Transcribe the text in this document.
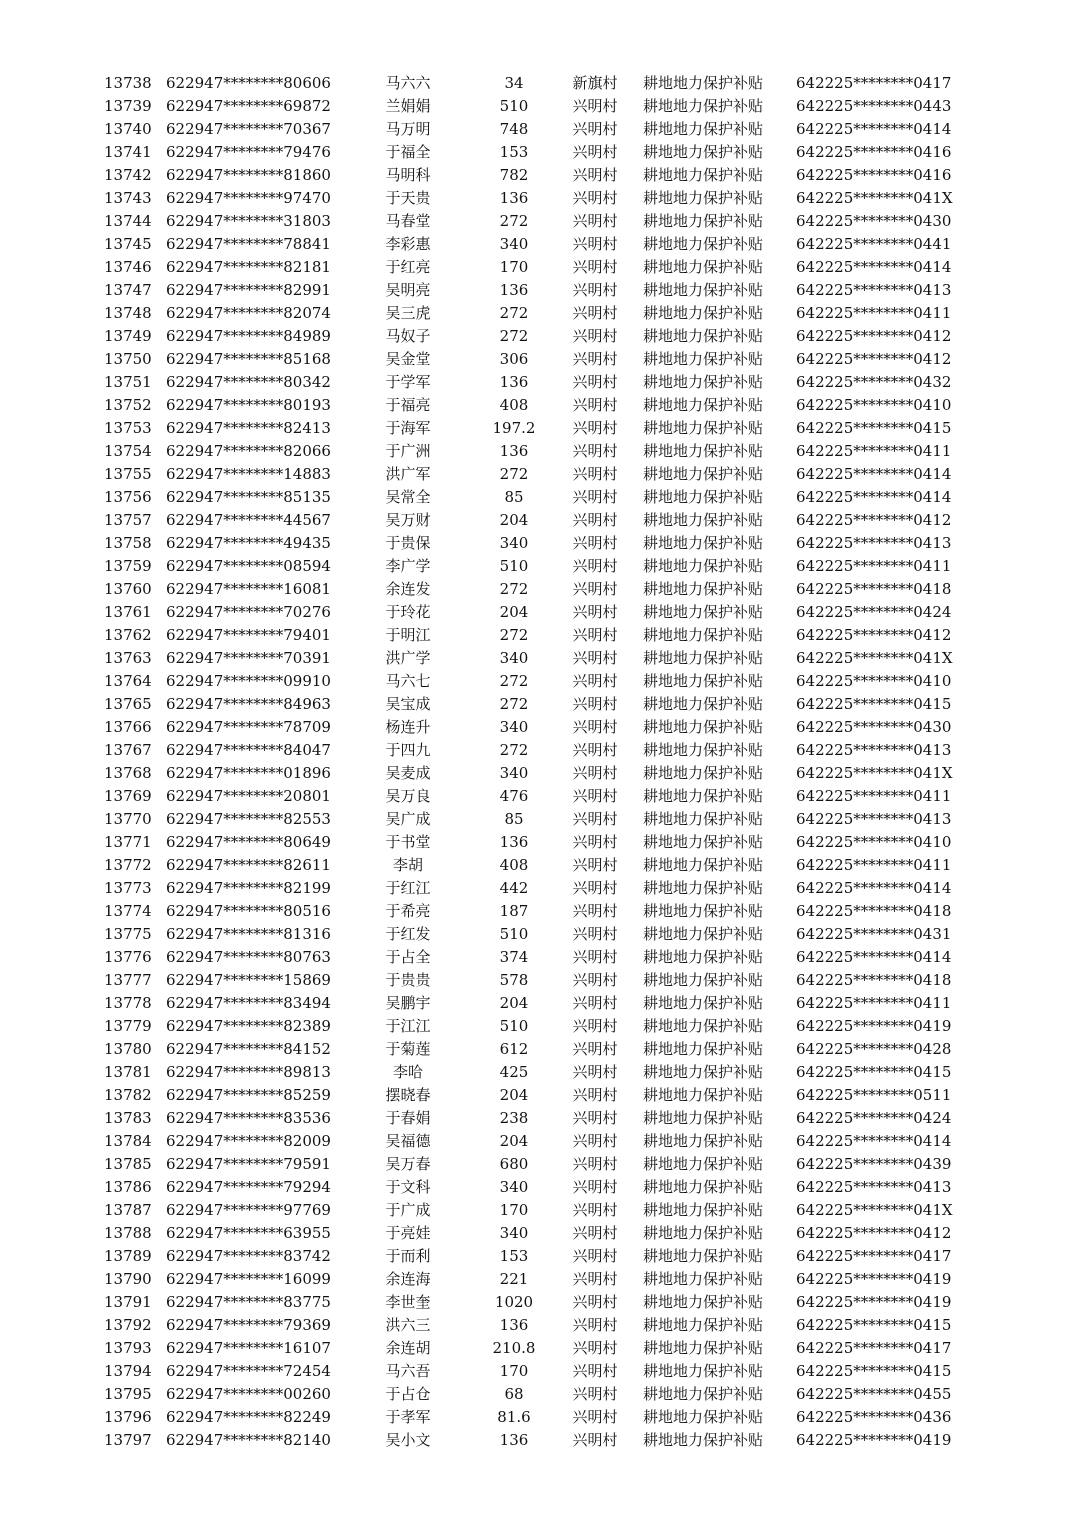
13738 622947********80606	马六六	34	新旗村	耕地地力保护补贴	642225********0417
13739 622947********69872	兰娟娟	510	兴明村	耕地地力保护补贴	642225********0443
13740 622947********70367	马万明	748	兴明村	耕地地力保护补贴	642225********0414
13741 622947********79476	于福全	153	兴明村	耕地地力保护补贴	642225********0416
13742 622947********81860	马明科	782	兴明村	耕地地力保护补贴	642225********0416
13743 622947********97470	于天贵	136	兴明村	耕地地力保护补贴	642225********041X
13744 622947********31803	马春堂	272	兴明村	耕地地力保护补贴	642225********0430
13745 622947********78841	李彩惠	340	兴明村	耕地地力保护补贴	642225********0441
13746 622947********82181	于红亮	170	兴明村	耕地地力保护补贴	642225********0414
13747 622947********82991	吴明亮	136	兴明村	耕地地力保护补贴	642225********0413
13748 622947********82074	吴三虎	272	兴明村	耕地地力保护补贴	642225********0411
13749 622947********84989	马奴子	272	兴明村	耕地地力保护补贴	642225********0412
13750 622947********85168	吴金堂	306	兴明村	耕地地力保护补贴	642225********0412
13751 622947********80342	于学军	136	兴明村	耕地地力保护补贴	642225********0432
13752 622947********80193	于福亮	408	兴明村	耕地地力保护补贴	642225********0410
13753 622947********82413	于海军	197.2	兴明村	耕地地力保护补贴	642225********0415
13754 622947********82066	于广洲	136	兴明村	耕地地力保护补贴	642225********0411
13755 622947********14883	洪广军	272	兴明村	耕地地力保护补贴	642225********0414
13756 622947********85135	吴常全	85	兴明村	耕地地力保护补贴	642225********0414
13757 622947********44567	吴万财	204	兴明村	耕地地力保护补贴	642225********0412
13758 622947********49435	于贵保	340	兴明村	耕地地力保护补贴	642225********0413
13759 622947********08594	李广学	510	兴明村	耕地地力保护补贴	642225********0411
13760 622947********16081	余连发	272	兴明村	耕地地力保护补贴	642225********0418
13761 622947********70276	于玲花	204	兴明村	耕地地力保护补贴	642225********0424
13762 622947********79401	于明江	272	兴明村	耕地地力保护补贴	642225********0412
13763 622947********70391	洪广学	340	兴明村	耕地地力保护补贴	642225********041X
13764 622947********09910	马六七	272	兴明村	耕地地力保护补贴	642225********0410
13765 622947********84963	吴宝成	272	兴明村	耕地地力保护补贴	642225********0415
13766 622947********78709	杨连升	340	兴明村	耕地地力保护补贴	642225********0430
13767 622947********84047	于四九	272	兴明村	耕地地力保护补贴	642225********0413
13768 622947********01896	吴麦成	340	兴明村	耕地地力保护补贴	642225********041X
13769 622947********20801	吴万良	476	兴明村	耕地地力保护补贴	642225********0411
13770 622947********82553	吴广成	85	兴明村	耕地地力保护补贴	642225********0413
13771 622947********80649	于书堂	136	兴明村	耕地地力保护补贴	642225********0410
13772 622947********82611	李胡	408	兴明村	耕地地力保护补贴	642225********0411
13773 622947********82199	于红江	442	兴明村	耕地地力保护补贴	642225********0414
13774 622947********80516	于希亮	187	兴明村	耕地地力保护补贴	642225********0418
13775 622947********81316	于红发	510	兴明村	耕地地力保护补贴	642225********0431
13776 622947********80763	于占全	374	兴明村	耕地地力保护补贴	642225********0414
13777 622947********15869	于贵贵	578	兴明村	耕地地力保护补贴	642225********0418
13778 622947********83494	吴鹏宇	204	兴明村	耕地地力保护补贴	642225********0411
13779 622947********82389	于江江	510	兴明村	耕地地力保护补贴	642225********0419
13780 622947********84152	于菊莲	612	兴明村	耕地地力保护补贴	642225********0428
13781 622947********89813	李哈	425	兴明村	耕地地力保护补贴	642225********0415
13782 622947********85259	摆晓春	204	兴明村	耕地地力保护补贴	642225********0511
13783 622947********83536	于春娟	238	兴明村	耕地地力保护补贴	642225********0424
13784 622947********82009	吴福德	204	兴明村	耕地地力保护补贴	642225********0414
13785 622947********79591	吴万春	680	兴明村	耕地地力保护补贴	642225********0439
13786 622947********79294	于文科	340	兴明村	耕地地力保护补贴	642225********0413
13787 622947********97769	于广成	170	兴明村	耕地地力保护补贴	642225********041X
13788 622947********63955	于亮娃	340	兴明村	耕地地力保护补贴	642225********0412
13789 622947********83742	于而利	153	兴明村	耕地地力保护补贴	642225********0417
13790 622947********16099	余连海	221	兴明村	耕地地力保护补贴	642225********0419
13791 622947********83775	李世奎	1020	兴明村	耕地地力保护补贴	642225********0419
13792 622947********79369	洪六三	136	兴明村	耕地地力保护补贴	642225********0415
13793 622947********16107	余连胡	210.8	兴明村	耕地地力保护补贴	642225********0417
13794 622947********72454	马六吾	170	兴明村	耕地地力保护补贴	642225********0415
13795 622947********00260	于占仓	68	兴明村	耕地地力保护补贴	642225********0455
13796 622947********82249	于孝军	81.6	兴明村	耕地地力保护补贴	642225********0436
13797 622947********82140	吴小文	136	兴明村	耕地地力保护补贴	642225********0419
